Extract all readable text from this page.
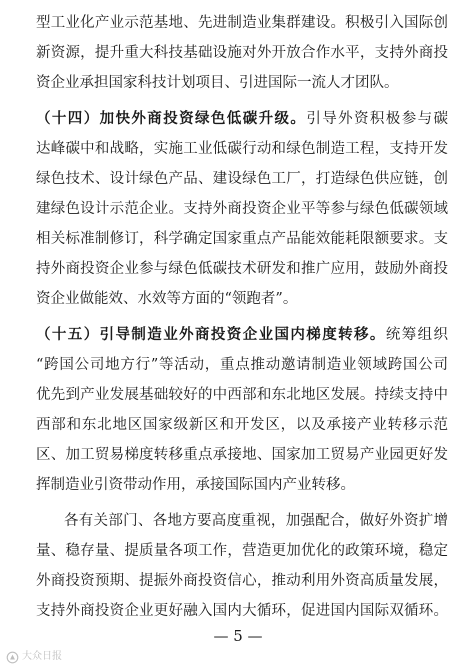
型工业化产业示范基地、先进制造业集群建设。积极引入国际创
新资源，提升重大科技基础设施对外开放合作水平，支持外商投
资企业承担国家科技计划项目、引进国际一流人才团队。
（十四）加快外商投资绿色低碳升级。引导外资积极参与碳
达峰碳中和战略，实施工业低碳行动和绿色制造工程，支持开发
绿色技术、设计绿色产品、建设绿色工厂，打造绿色供应链，创
建绿色设计示范企业。支持外商投资企业平等参与绿色低碳领域
相关标准制修订，科学确定国家重点产品能效能耗限额要求。支
持外商投资企业参与绿色低碳技术研发和推广应用，鼓励外商投
资企业做能效、水效等方面的“领跑者”。
（十五）引导制造业外商投资企业国内梯度转移。统筹组织
“跨国公司地方行”等活动，重点推动邀请制造业领域跨国公司
优先到产业发展基础较好的中西部和东北地区发展。持续支持中
西部和东北地区国家级新区和开发区，以及承接产业转移示范
区、加工贸易梯度转移重点承接地、国家加工贸易产业园更好发
挥制造业引资带动作用，承接国际国内产业转移。
各有关部门、各地方要高度重视，加强配合，做好外资扩增
量、稳存量、提质量各项工作，营造更加优化的政策环境，稳定
外商投资预期、提振外商投资信心，推动利用外资高质量发展，
支持外商投资企业更好融入国内大循环，促进国内国际双循环。
— 5 —
大众日报
